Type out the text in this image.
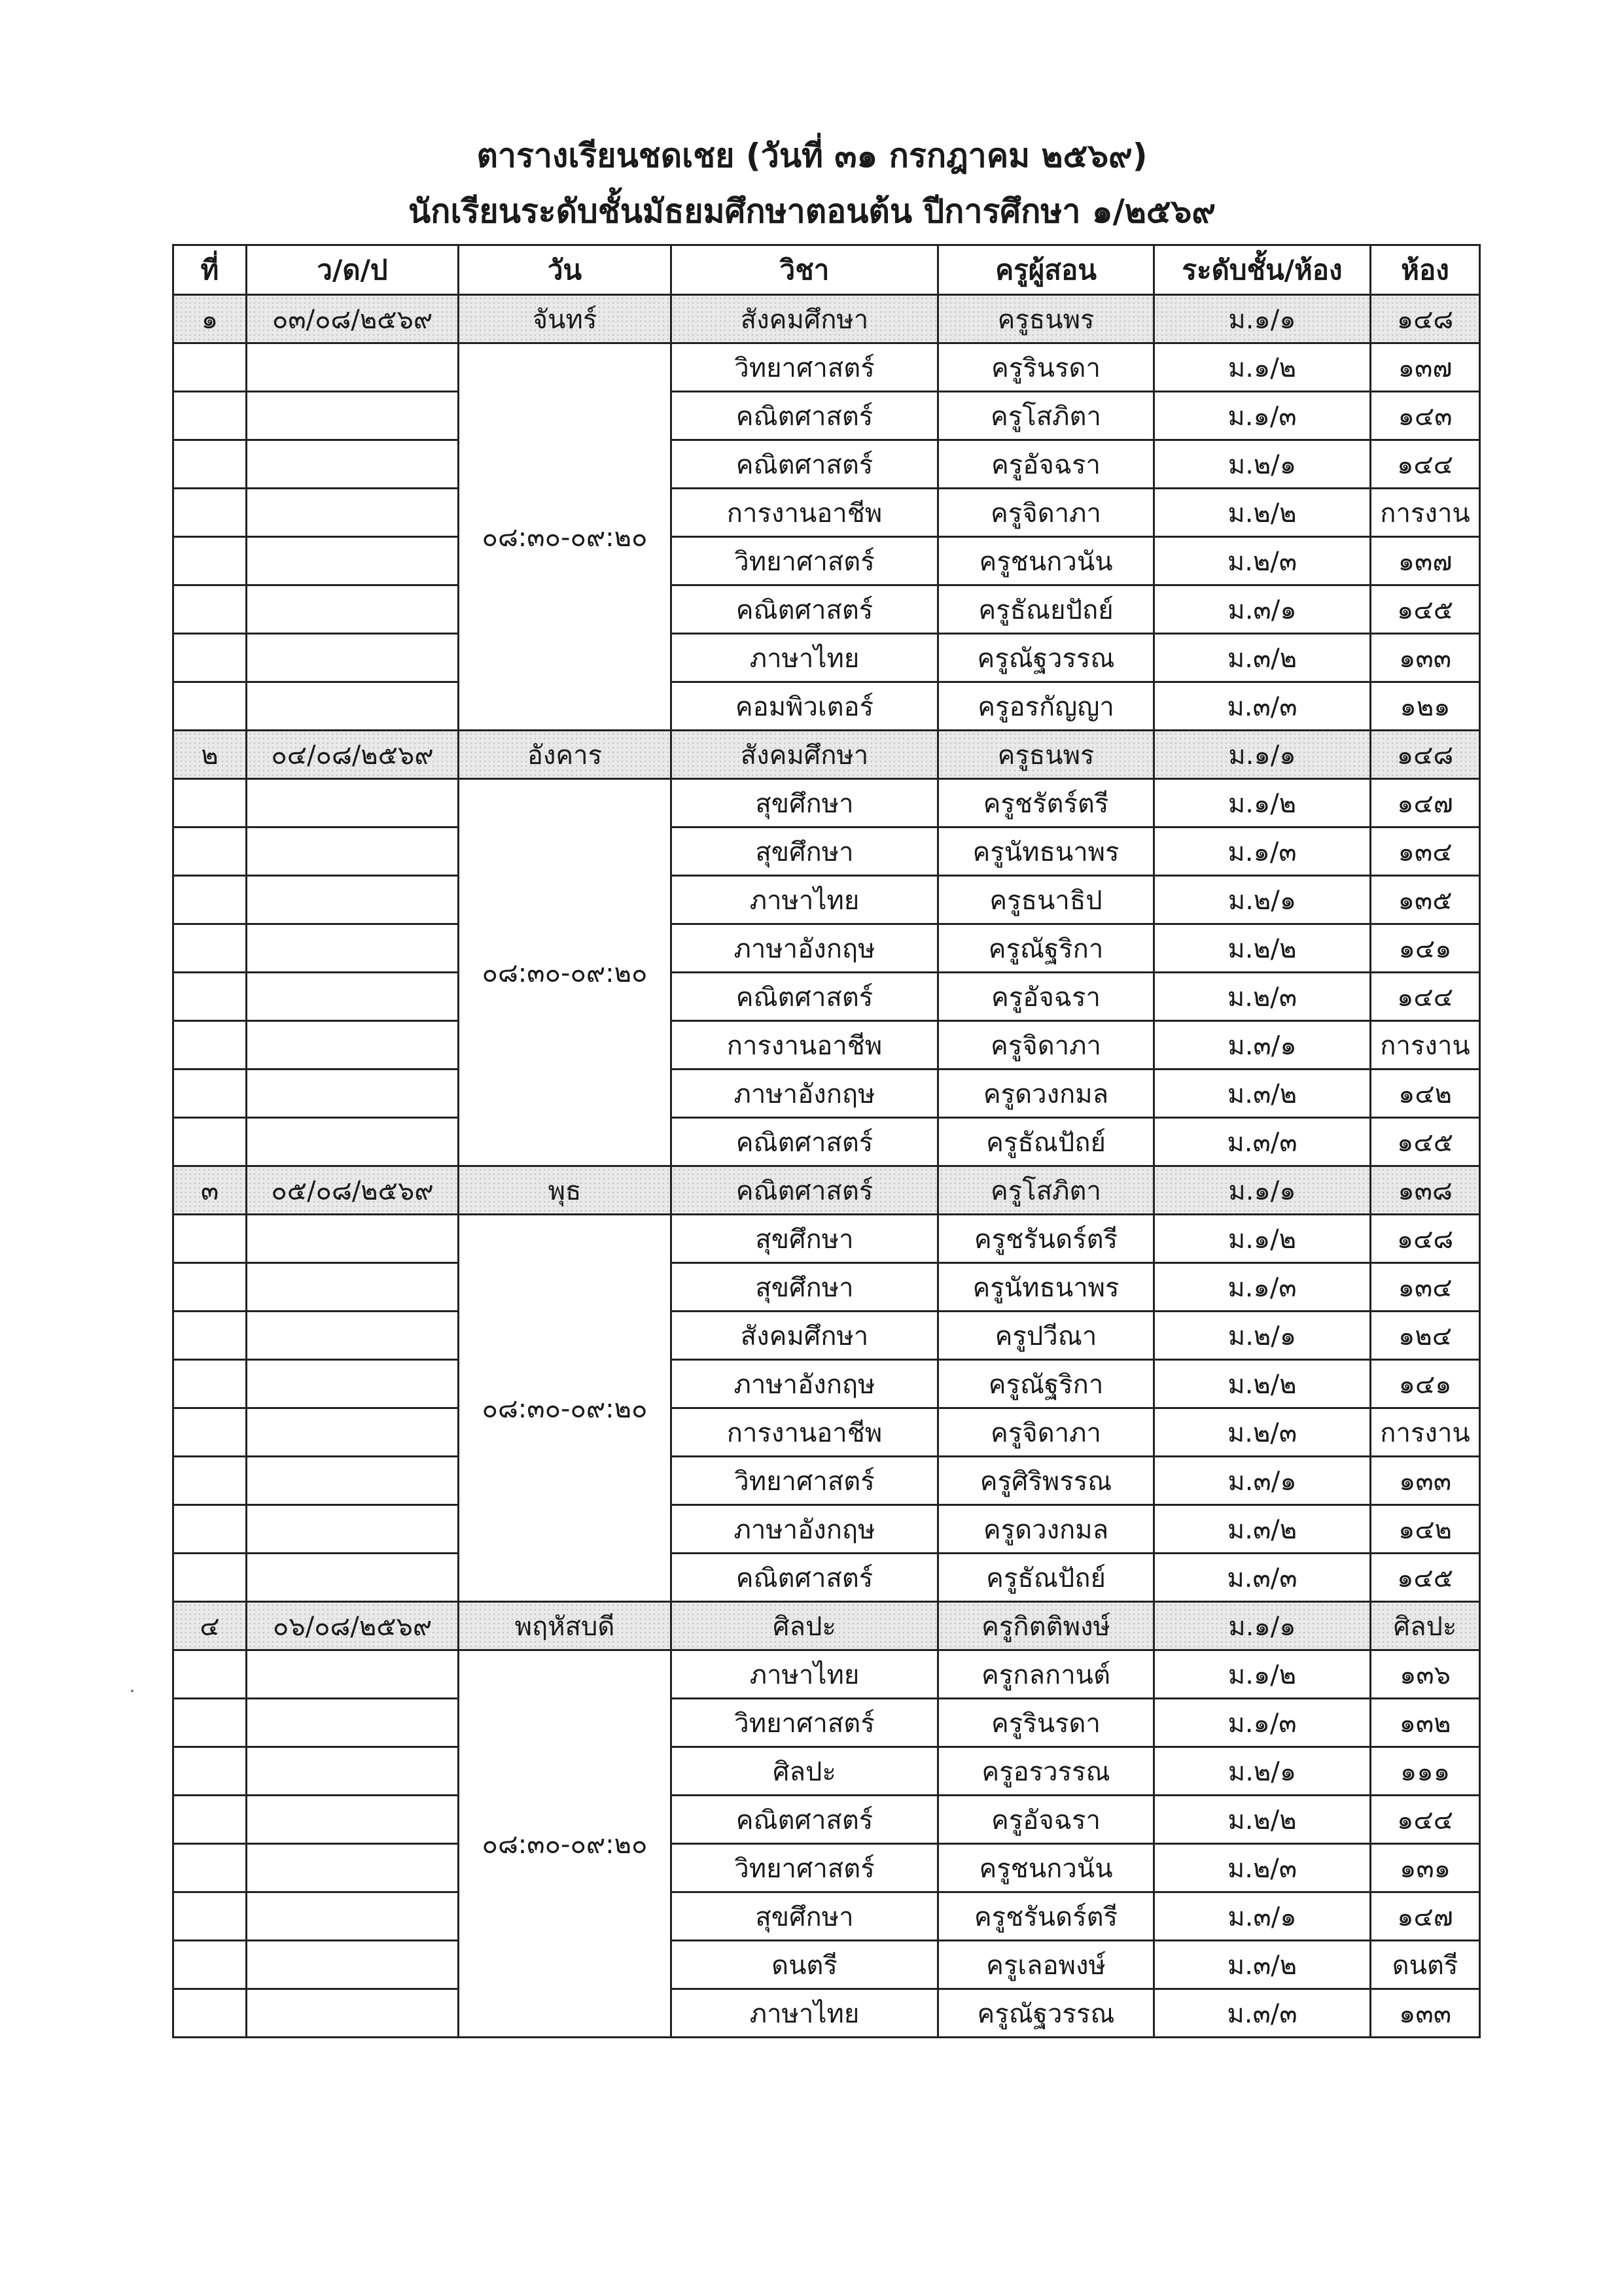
ตารางเรียนชดเชย (วันที่ ๓๑ กรกฎาคม ๒๕๖๙)
นักเรียนระดับชั้นมัธยมศึกษาตอนต้น ปีการศึกษา ๑/๒๕๖๙
ที่	ว/ด/ป	วัน	วิชา	ครูผู้สอน	ระดับชั้น/ห้อง	ห้อง
๑	๐๓/๐๘/๒๕๖๙	จันทร์	สังคมศึกษา	ครูธนพร	ม.๑/๑	๑๔๘
		๐๘:๓๐-๐๙:๒๐	วิทยาศาสตร์	ครูรินรดา	ม.๑/๒	๑๓๗
			คณิตศาสตร์	ครูโสภิตา	ม.๑/๓	๑๔๓
			คณิตศาสตร์	ครูอัจฉรา	ม.๒/๑	๑๔๔
			การงานอาชีพ	ครูจิดาภา	ม.๒/๒	การงาน
			วิทยาศาสตร์	ครูชนกวนัน	ม.๒/๓	๑๓๗
			คณิตศาสตร์	ครูธัณยปัถย์	ม.๓/๑	๑๔๕
			ภาษาไทย	ครูณัฐวรรณ	ม.๓/๒	๑๓๓
			คอมพิวเตอร์	ครูอรกัญญา	ม.๓/๓	๑๒๑
๒	๐๔/๐๘/๒๕๖๙	อังคาร	สังคมศึกษา	ครูธนพร	ม.๑/๑	๑๔๘
		๐๘:๓๐-๐๙:๒๐	สุขศึกษา	ครูชรัตร์ตรี	ม.๑/๒	๑๔๗
			สุขศึกษา	ครูนัทธนาพร	ม.๑/๓	๑๓๔
			ภาษาไทย	ครูธนาธิป	ม.๒/๑	๑๓๕
			ภาษาอังกฤษ	ครูณัฐริกา	ม.๒/๒	๑๔๑
			คณิตศาสตร์	ครูอัจฉรา	ม.๒/๓	๑๔๔
			การงานอาชีพ	ครูจิดาภา	ม.๓/๑	การงาน
			ภาษาอังกฤษ	ครูดวงกมล	ม.๓/๒	๑๔๒
			คณิตศาสตร์	ครูธัณปัถย์	ม.๓/๓	๑๔๕
๓	๐๕/๐๘/๒๕๖๙	พุธ	คณิตศาสตร์	ครูโสภิตา	ม.๑/๑	๑๓๘
		๐๘:๓๐-๐๙:๒๐	สุขศึกษา	ครูชรันดร์ตรี	ม.๑/๒	๑๔๘
			สุขศึกษา	ครูนัทธนาพร	ม.๑/๓	๑๓๔
			สังคมศึกษา	ครูปวีณา	ม.๒/๑	๑๒๔
			ภาษาอังกฤษ	ครูณัฐริกา	ม.๒/๒	๑๔๑
			การงานอาชีพ	ครูจิดาภา	ม.๒/๓	การงาน
			วิทยาศาสตร์	ครูศิริพรรณ	ม.๓/๑	๑๓๓
			ภาษาอังกฤษ	ครูดวงกมล	ม.๓/๒	๑๔๒
			คณิตศาสตร์	ครูธัณปัถย์	ม.๓/๓	๑๔๕
๔	๐๖/๐๘/๒๕๖๙	พฤหัสบดี	ศิลปะ	ครูกิตติพงษ์	ม.๑/๑	ศิลปะ
		๐๘:๓๐-๐๙:๒๐	ภาษาไทย	ครูกลกานต์	ม.๑/๒	๑๓๖
			วิทยาศาสตร์	ครูรินรดา	ม.๑/๓	๑๓๒
			ศิลปะ	ครูอรวรรณ	ม.๒/๑	๑๑๑
			คณิตศาสตร์	ครูอัจฉรา	ม.๒/๒	๑๔๔
			วิทยาศาสตร์	ครูชนกวนัน	ม.๒/๓	๑๓๑
			สุขศึกษา	ครูชรันดร์ตรี	ม.๓/๑	๑๔๗
			ดนตรี	ครูเลอพงษ์	ม.๓/๒	ดนตรี
			ภาษาไทย	ครูณัฐวรรณ	ม.๓/๓	๑๓๓
